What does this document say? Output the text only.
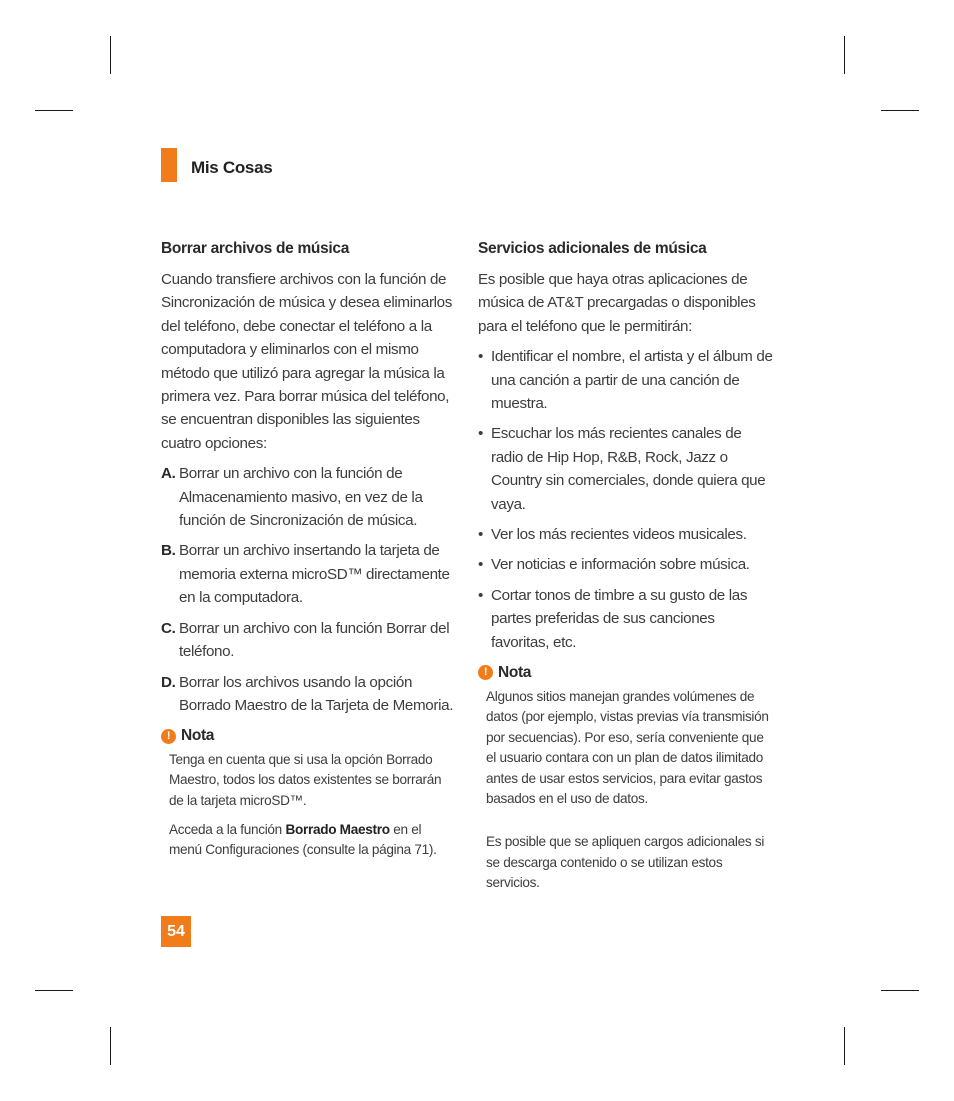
Mis Cosas
Borrar archivos de música

Cuando transfiere archivos con la función de Sincronización de música y desea eliminarlos del teléfono, debe conectar el teléfono a la computadora y eliminarlos con el mismo método que utilizó para agregar la música la primera vez. Para borrar música del teléfono, se encuentran disponibles las siguientes cuatro opciones:

A. Borrar un archivo con la función de Almacenamiento masivo, en vez de la función de Sincronización de música.
B. Borrar un archivo insertando la tarjeta de memoria externa microSD™ directamente en la computadora.
C. Borrar un archivo con la función Borrar del teléfono.
D. Borrar los archivos usando la opción Borrado Maestro de la Tarjeta de Memoria.
! Nota

Tenga en cuenta que si usa la opción Borrado Maestro, todos los datos existentes se borrarán de la tarjeta microSD™.

Acceda a la función Borrado Maestro en el menú Configuraciones (consulte la página 71).

Servicios adicionales de música

Es posible que haya otras aplicaciones de música de AT&T precargadas o disponibles para el teléfono que le permitirán:

• Identificar el nombre, el artista y el álbum de una canción a partir de una canción de muestra.
• Escuchar los más recientes canales de radio de Hip Hop, R&B, Rock, Jazz o Country sin comerciales, donde quiera que vaya.
• Ver los más recientes videos musicales.
• Ver noticias e información sobre música.
• Cortar tonos de timbre a su gusto de las partes preferidas de sus canciones favoritas, etc.
! Nota

Algunos sitios manejan grandes volúmenes de datos (por ejemplo, vistas previas vía transmisión por secuencias). Por eso, sería conveniente que el usuario contara con un plan de datos ilimitado antes de usar estos servicios, para evitar gastos basados en el uso de datos.

Es posible que se apliquen cargos adicionales si se descarga contenido o se utilizan estos servicios.

54
